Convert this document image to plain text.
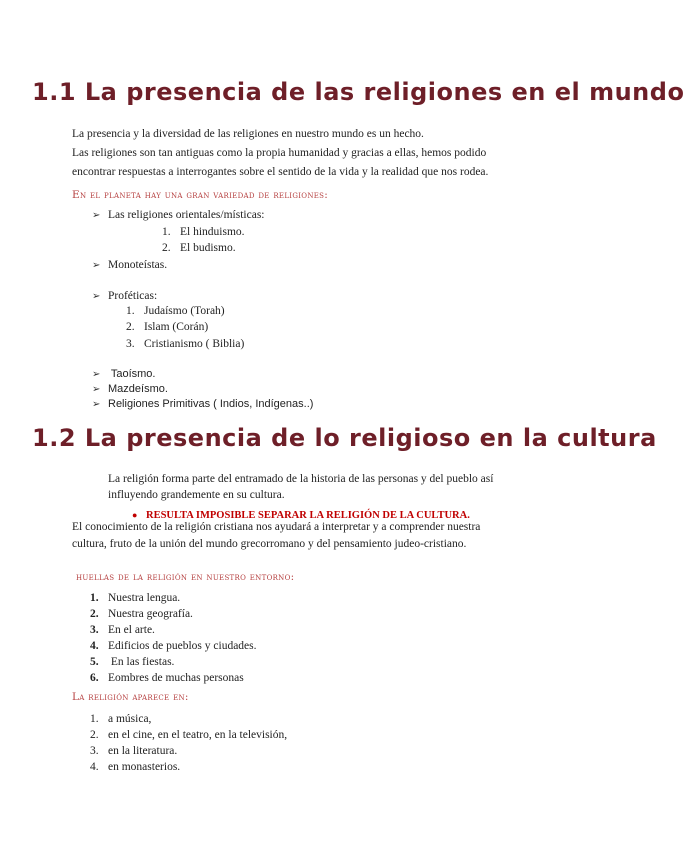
1.1 La presencia de las religiones en el mundo
La presencia y la diversidad de las religiones en nuestro mundo es un hecho.
Las religiones son tan antiguas como la propia humanidad y gracias a ellas, hemos podido
encontrar respuestas a interrogantes sobre el sentido de la vida y la realidad que nos rodea.
En el planeta hay una gran variedad de religiones:
➢ Las religiones orientales/místicas:
1. El hinduismo.
2. El budismo.
➢ Monoteístas.
➢ Proféticas:
1. Judaísmo (Torah)
2. Islam (Corán)
3. Cristianismo ( Biblia)
➢ Taoísmo.
➢ Mazdeísmo.
➢ Religiones Primitivas ( Indios, Indígenas..)
1.2 La presencia de lo religioso en la cultura
La religión forma parte del entramado de la historia de las personas y del pueblo así
influyendo grandemente en su cultura.
● RESULTA IMPOSIBLE SEPARAR LA RELIGIÓN DE LA CULTURA.
El conocimiento de la religión cristiana nos ayudará a interpretar y a comprender nuestra
cultura, fruto de la unión del mundo grecorromano y del pensamiento judeo-cristiano.
huellas de la religión en nuestro entorno:
1. Nuestra lengua.
2. Nuestra geografía.
3. En el arte.
4. Edificios de pueblos y ciudades.
5. En las fiestas.
6. Eombres de muchas personas
La religión aparece en:
1. a música,
2. en el cine, en el teatro, en la televisión,
3. en la literatura.
4. en monasterios.
